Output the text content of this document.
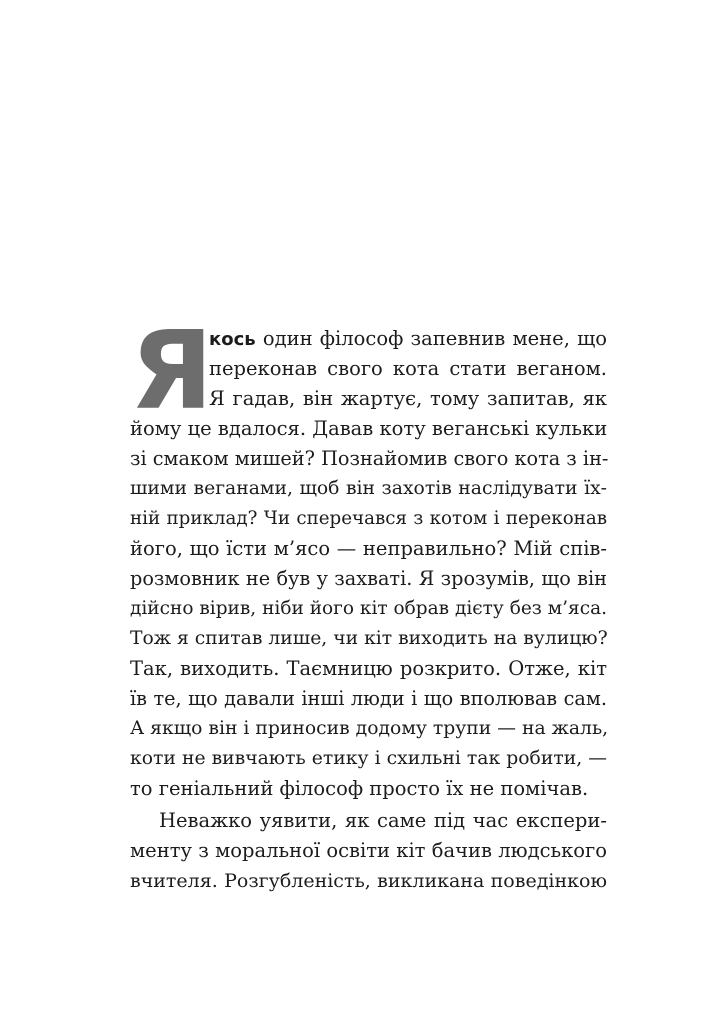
Я
кось один філософ запевнив мене, що
переконав свого кота стати веганом.
Я гадав, він жартує, тому запитав, як
йому це вдалося. Давав коту веганські кульки
зі смаком мишей? Познайомив свого кота з ін-
шими веганами, щоб він захотів наслідувати їх-
ній приклад? Чи сперечався з котом і переконав
його, що їсти м’ясо — неправильно? Мій спів-
розмовник не був у захваті. Я зрозумів, що він
дійсно вірив, ніби його кіт обрав дієту без м’яса.
Тож я спитав лише, чи кіт виходить на вулицю?
Так, виходить. Таємницю розкрито. Отже, кіт
їв те, що давали інші люди і що вполював сам.
А якщо він і приносив додому трупи — на жаль,
коти не вивчають етику і схильні так робити, —
то геніальний філософ просто їх не помічав.
Неважко уявити, як саме під час експери-
менту з моральної освіти кіт бачив людського
вчителя. Розгубленість, викликана поведінкою
